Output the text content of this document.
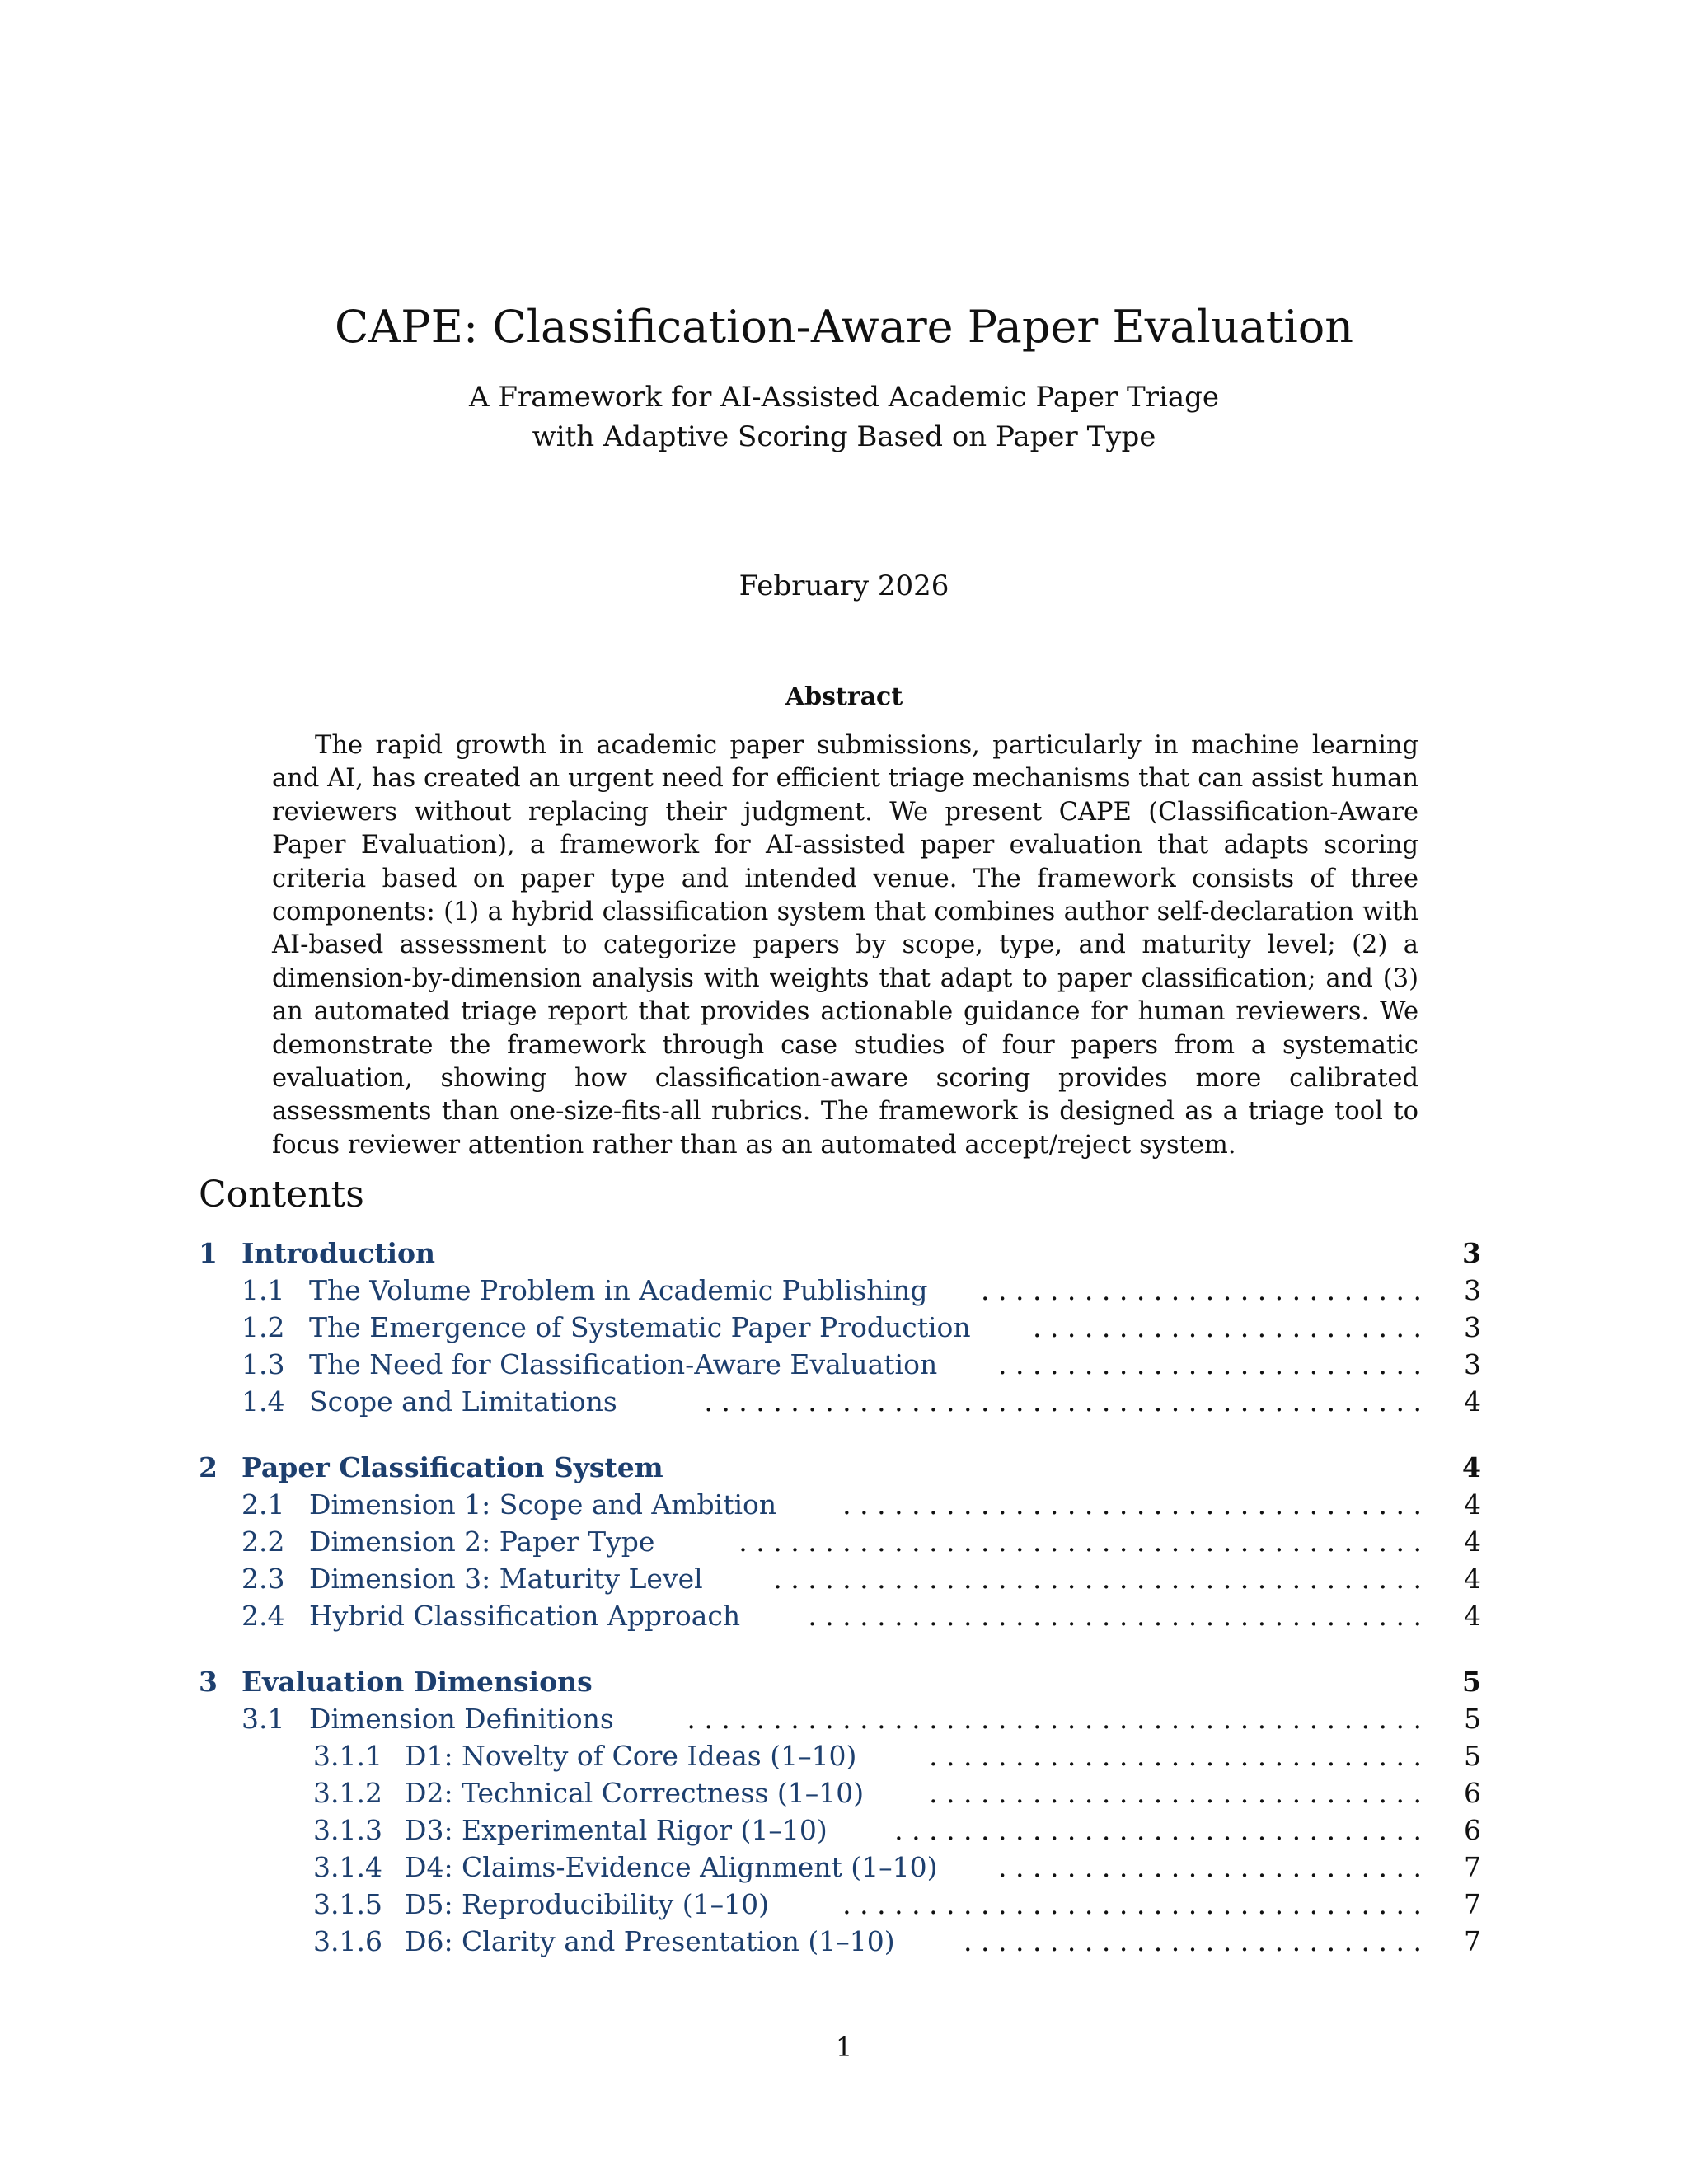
CAPE: Classification-Aware Paper Evaluation
A Framework for AI-Assisted Academic Paper Triage
with Adaptive Scoring Based on Paper Type
February 2026
Abstract
The rapid growth in academic paper submissions, particularly in machine learning and AI, has created an urgent need for efficient triage mechanisms that can assist human reviewers without replacing their judgment. We present CAPE (Classification-Aware Paper Evaluation), a framework for AI-assisted paper evaluation that adapts scoring criteria based on paper type and intended venue. The framework consists of three components: (1) a hybrid classification system that combines author self-declaration with AI-based assessment to categorize papers by scope, type, and maturity level; (2) a dimension-by-dimension analysis with weights that adapt to paper classification; and (3) an automated triage report that provides actionable guidance for human reviewers. We demonstrate the framework through case studies of four papers from a systematic evaluation, showing how classification-aware scoring provides more calibrated assessments than one-size-fits-all rubrics. The framework is designed as a triage tool to focus reviewer attention rather than as an automated accept/reject system.
Contents
1 Introduction	3
1.1 The Volume Problem in Academic Publishing	3
. . . . . . . . . . . . . . . . . . . . . . . . . .
1.2 The Emergence of Systematic Paper Production	3
. . . . . . . . . . . . . . . . . . . . . . .
1.3 The Need for Classification-Aware Evaluation	3
. . . . . . . . . . . . . . . . . . . . . . . . .
1.4 Scope and Limitations	4
. . . . . . . . . . . . . . . . . . . . . . . . . . . . . . . . . . . . . . . . . .
2 Paper Classification System	4
2.1 Dimension 1: Scope and Ambition	4
. . . . . . . . . . . . . . . . . . . . . . . . . . . . . . . . . .
2.2 Dimension 2: Paper Type	4
. . . . . . . . . . . . . . . . . . . . . . . . . . . . . . . . . . . . . . . .
2.3 Dimension 3: Maturity Level	4
. . . . . . . . . . . . . . . . . . . . . . . . . . . . . . . . . . . . . .
2.4 Hybrid Classification Approach	4
. . . . . . . . . . . . . . . . . . . . . . . . . . . . . . . . . . . .
3 Evaluation Dimensions	5
3.1 Dimension Definitions	5
. . . . . . . . . . . . . . . . . . . . . . . . . . . . . . . . . . . . . . . . . . .
3.1.1 D1: Novelty of Core Ideas (1–10)	5
. . . . . . . . . . . . . . . . . . . . . . . . . . . . .
3.1.2 D2: Technical Correctness (1–10)	6
. . . . . . . . . . . . . . . . . . . . . . . . . . . . .
3.1.3 D3: Experimental Rigor (1–10)	6
. . . . . . . . . . . . . . . . . . . . . . . . . . . . . . .
3.1.4 D4: Claims-Evidence Alignment (1–10)	7
. . . . . . . . . . . . . . . . . . . . . . . . .
3.1.5 D5: Reproducibility (1–10)	7
. . . . . . . . . . . . . . . . . . . . . . . . . . . . . . . . . .
3.1.6 D6: Clarity and Presentation (1–10)	7
. . . . . . . . . . . . . . . . . . . . . . . . . . .
1
